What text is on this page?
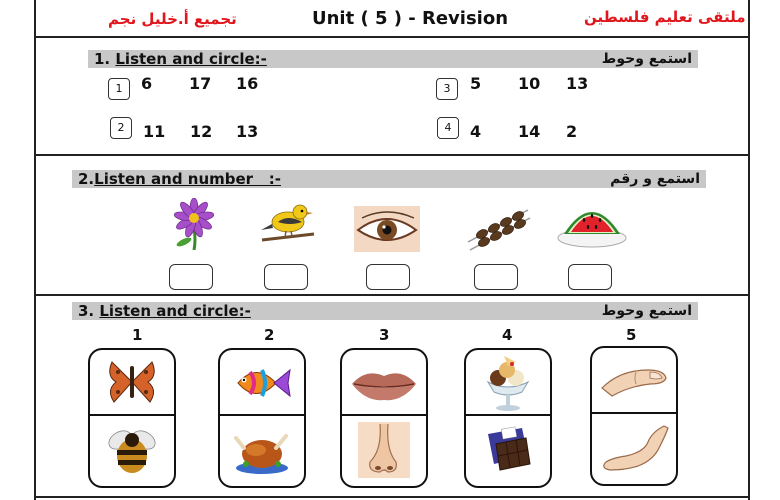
تجميع أ.خليل نجم	Unit ( 5 ) - Revision	ملتقى تعليم فلسطين
1. Listen and circle:-	استمع وحوط
1	6 17 16
2	11 12 13
3	5 10 13
4	4 14 2
2.Listen and number   :-	استمع و رقم
3. Listen and circle:-	استمع وحوط
1	2	3	4	5
